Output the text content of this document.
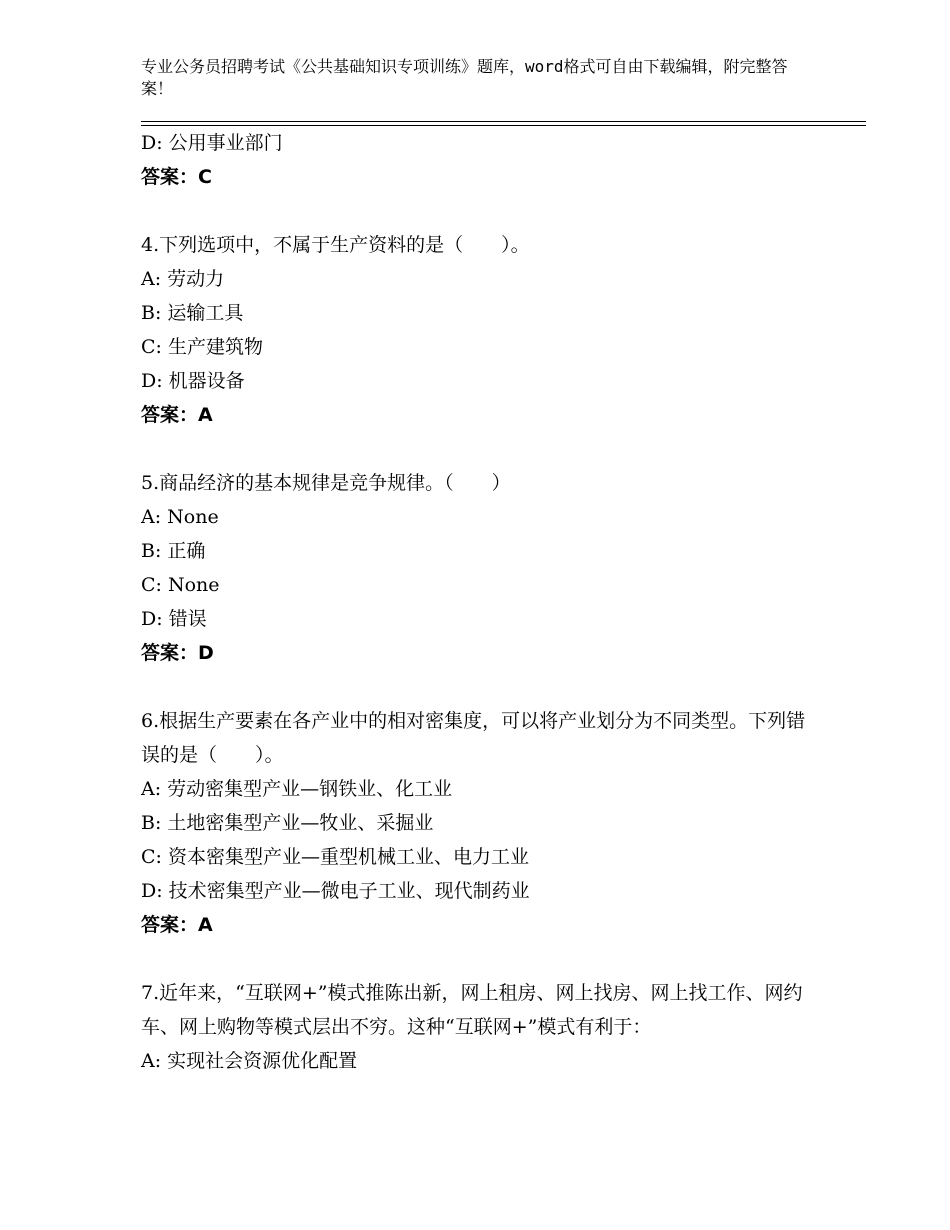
专业公务员招聘考试《公共基础知识专项训练》题库，word格式可自由下载编辑，附完整答案！
D: 公用事业部门
答案：C
4.下列选项中，不属于生产资料的是（　　）。
A: 劳动力
B: 运输工具
C: 生产建筑物
D: 机器设备
答案：A
5.商品经济的基本规律是竞争规律。（　　）
A: None
B: 正确
C: None
D: 错误
答案：D
6.根据生产要素在各产业中的相对密集度，可以将产业划分为不同类型。下列错误的是（　　）。
A: 劳动密集型产业—钢铁业、化工业
B: 土地密集型产业—牧业、采掘业
C: 资本密集型产业—重型机械工业、电力工业
D: 技术密集型产业—微电子工业、现代制药业
答案：A
7.近年来，“互联网+”模式推陈出新，网上租房、网上找房、网上找工作、网约车、网上购物等模式层出不穷。这种“互联网+”模式有利于：
A: 实现社会资源优化配置
